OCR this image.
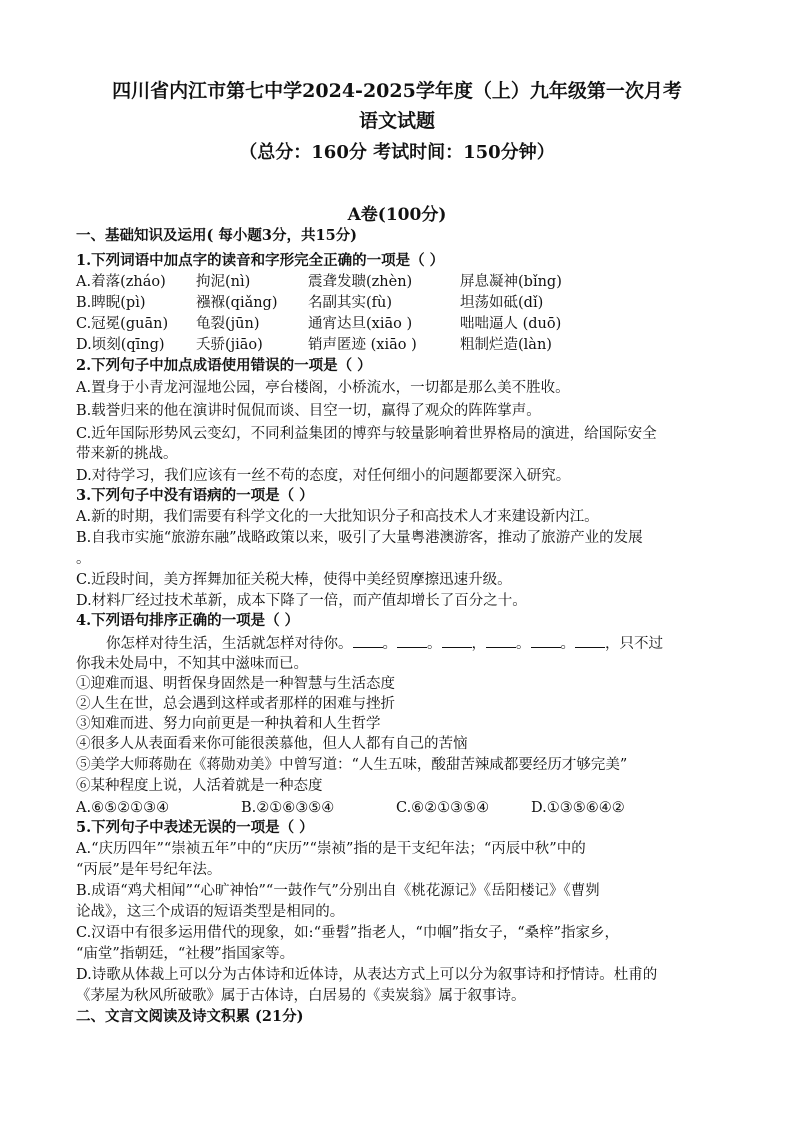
四川省内江市第七中学2024-2025学年度（上）九年级第一次月考
语文试题
（总分：160分 考试时间：150分钟）
A卷(100分)
一、基础知识及运用( 每小题3分，共15分)
1.下列词语中加点字的读音和字形完全正确的一项是（ ）
A.着落(zháo) 拘泥(nì)	震聋发聩(zhèn)	屏息凝神(bǐng)
B.睥睨(pì)	襁褓(qiǎng) 名副其实(fù)	坦荡如砥(dǐ)
C.冠冕(guān) 龟裂(jūn)	通宵达旦(xiāo )	咄咄逼人 (duō)
D.顷刻(qīng) 夭骄(jiāo)	销声匿迹 (xiāo )	粗制烂造(làn)
2.下列句子中加点成语使用错误的一项是（ ）
A.置身于小青龙河湿地公园，亭台楼阁，小桥流水，一切都是那么美不胜收。
B.载誉归来的他在演讲时侃侃而谈、目空一切，赢得了观众的阵阵掌声。
C.近年国际形势风云变幻，不同利益集团的博弈与较量影响着世界格局的演进，给国际安全
带来新的挑战。
D.对待学习，我们应该有一丝不苟的态度，对任何细小的问题都要深入研究。
3.下列句子中没有语病的一项是（ ）
A.新的时期，我们需要有科学文化的一大批知识分子和高技术人才来建设新内江。
B.自我市实施“旅游东融”战略政策以来，吸引了大量粤港澳游客，推动了旅游产业的发展
。
C.近段时间，美方挥舞加征关税大棒，使得中美经贸摩擦迅速升级。
D.材料厂经过技术革新，成本下降了一倍，而产值却增长了百分之十。
4.下列语句排序正确的一项是（ ）
你怎样对待生活，生活就怎样对待你。 。 。 ， 。 。 ，只不过
你我未处局中，不知其中滋味而已。
①迎难而退、明哲保身固然是一种智慧与生活态度
②人生在世，总会遇到这样或者那样的困难与挫折
③知难而进、努力向前更是一种执着和人生哲学
④很多人从表面看来你可能很羡慕他，但人人都有自己的苦恼
⑤美学大师蒋勋在《蒋勋劝美》中曾写道：“人生五味，酸甜苦辣咸都要经历才够完美”
⑥某种程度上说，人活着就是一种态度
A.⑥⑤②①③④	B.②①⑥③⑤④	C.⑥②①③⑤④	D.①③⑤⑥④②
5.下列句子中表述无误的一项是（ ）
A.“庆历四年”“崇祯五年”中的“庆历”“崇祯”指的是干支纪年法；“丙辰中秋”中的
“丙辰”是年号纪年法。
B.成语“鸡犬相闻”“心旷神怡”“一鼓作气”分别出自《桃花源记》《岳阳楼记》《曹刿
论战》，这三个成语的短语类型是相同的。
C.汉语中有很多运用借代的现象，如:“垂髫”指老人，“巾帼”指女子，“桑梓”指家乡，
“庙堂”指朝廷，“社稷”指国家等。
D.诗歌从体裁上可以分为古体诗和近体诗，从表达方式上可以分为叙事诗和抒情诗。杜甫的
《茅屋为秋风所破歌》属于古体诗，白居易的《卖炭翁》属于叙事诗。
二、文言文阅读及诗文积累 (21分)
